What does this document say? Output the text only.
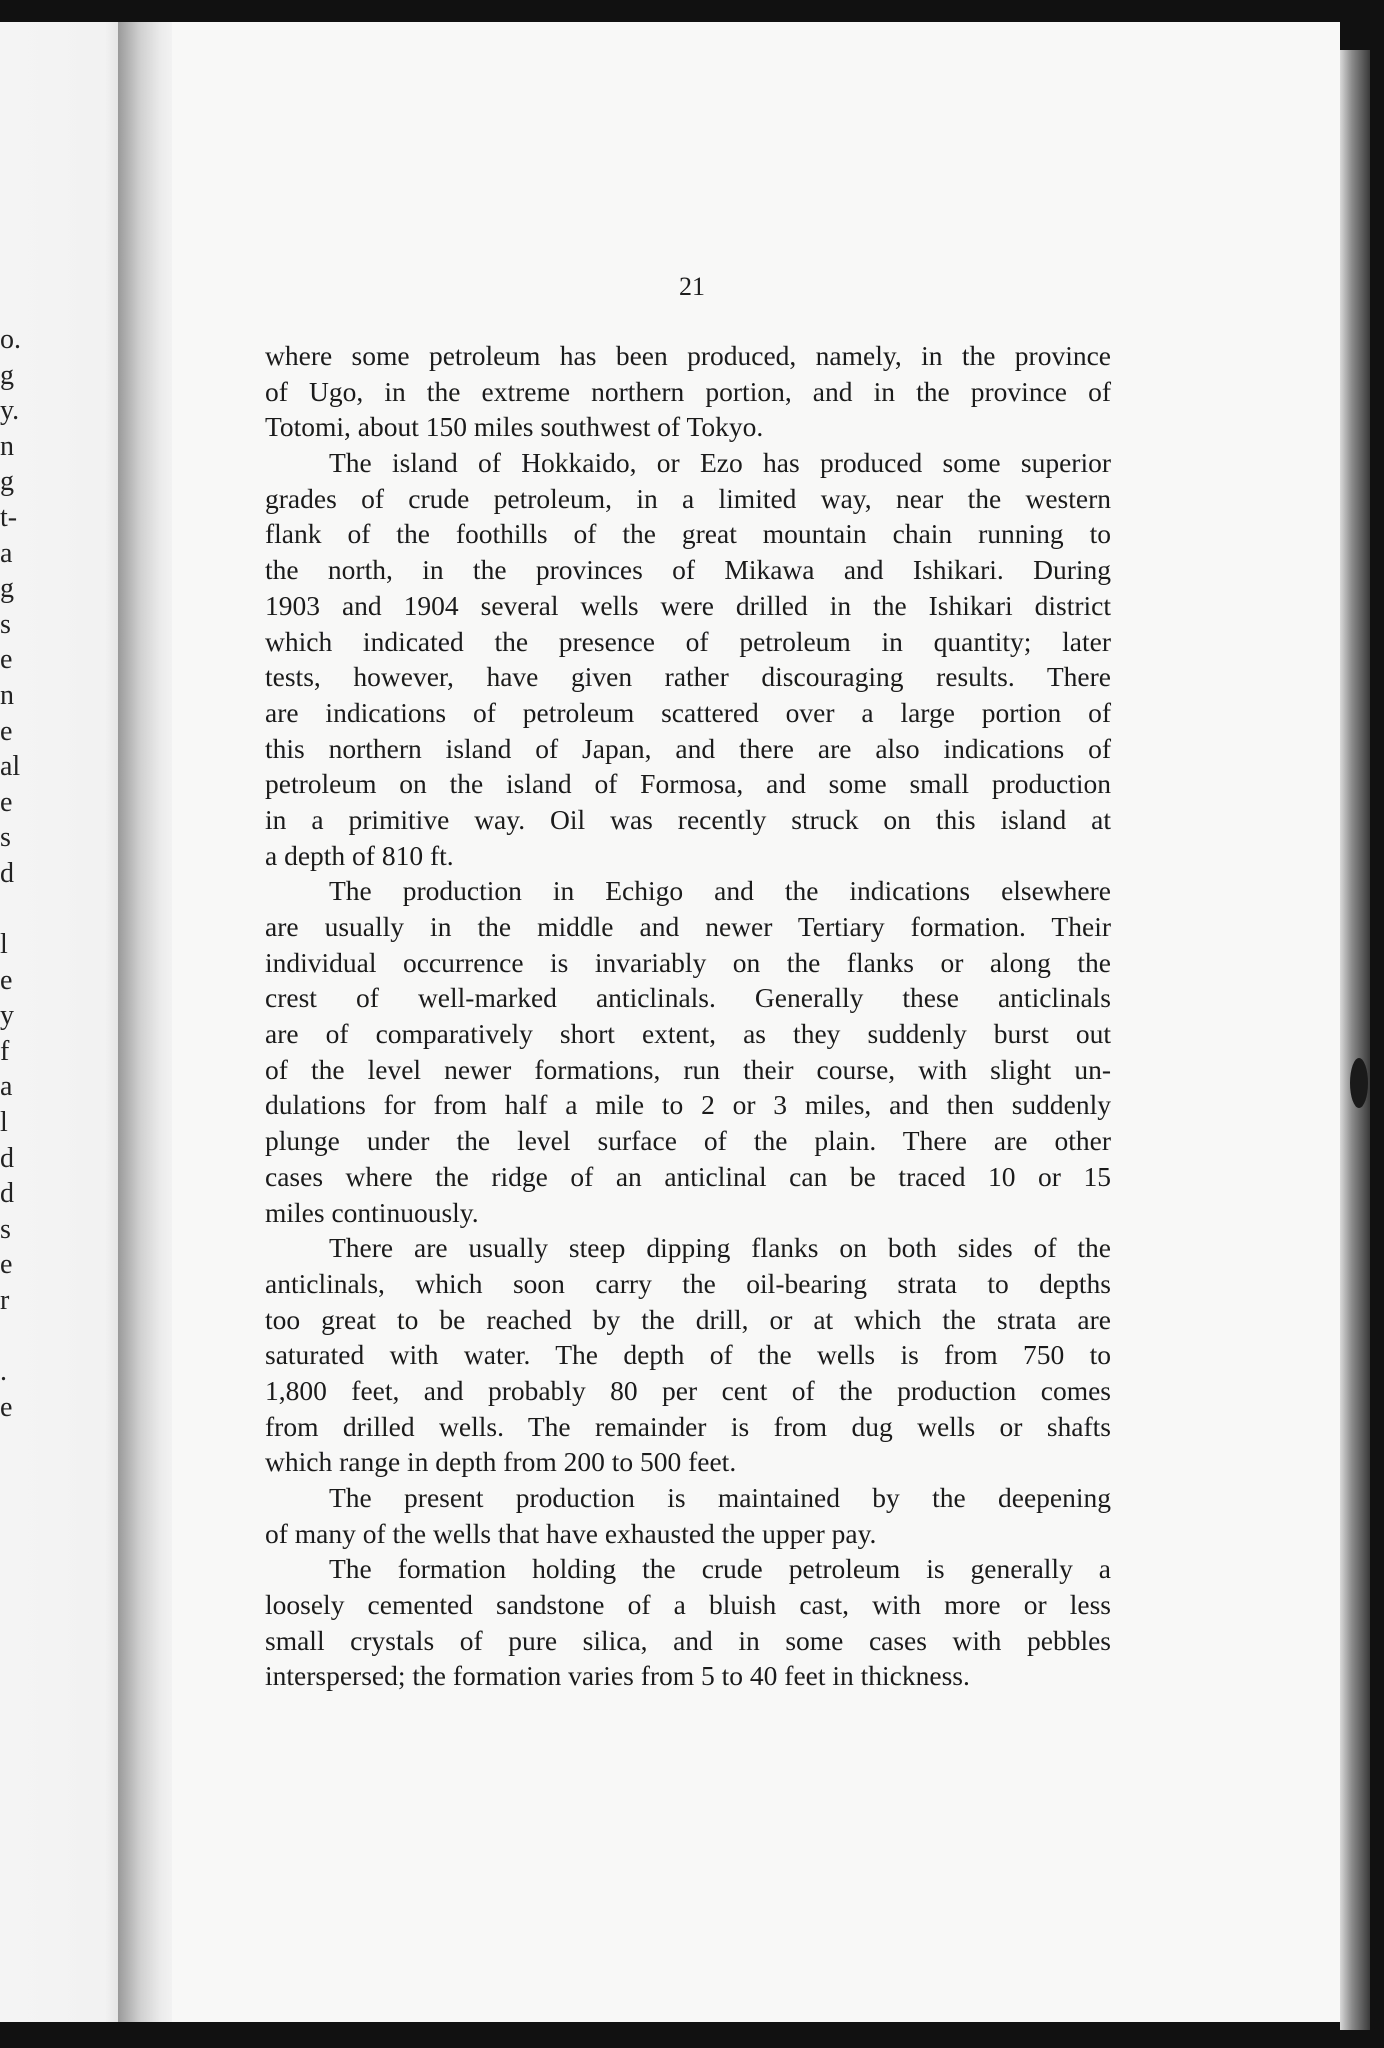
o.
g
y.
n
g
t-
a
g
s
e
n
e
al
e
s
d
l
e
y
f
a
l
d
d
s
e
r
.
e
21
where some petroleum has been produced, namely, in the province
of Ugo, in the extreme northern portion, and in the province of
Totomi, about 150 miles southwest of Tokyo.
The island of Hokkaido, or Ezo has produced some superior
grades of crude petroleum, in a limited way, near the western
flank of the foothills of the great mountain chain running to
the north, in the provinces of Mikawa and Ishikari. During
1903 and 1904 several wells were drilled in the Ishikari district
which indicated the presence of petroleum in quantity; later
tests, however, have given rather discouraging results. There
are indications of petroleum scattered over a large portion of
this northern island of Japan, and there are also indications of
petroleum on the island of Formosa, and some small production
in a primitive way. Oil was recently struck on this island at
a depth of 810 ft.
The production in Echigo and the indications elsewhere
are usually in the middle and newer Tertiary formation. Their
individual occurrence is invariably on the flanks or along the
crest of well-marked anticlinals. Generally these anticlinals
are of comparatively short extent, as they suddenly burst out
of the level newer formations, run their course, with slight un-
dulations for from half a mile to 2 or 3 miles, and then suddenly
plunge under the level surface of the plain. There are other
cases where the ridge of an anticlinal can be traced 10 or 15
miles continuously.
There are usually steep dipping flanks on both sides of the
anticlinals, which soon carry the oil-bearing strata to depths
too great to be reached by the drill, or at which the strata are
saturated with water. The depth of the wells is from 750 to
1,800 feet, and probably 80 per cent of the production comes
from drilled wells. The remainder is from dug wells or shafts
which range in depth from 200 to 500 feet.
The present production is maintained by the deepening
of many of the wells that have exhausted the upper pay.
The formation holding the crude petroleum is generally a
loosely cemented sandstone of a bluish cast, with more or less
small crystals of pure silica, and in some cases with pebbles
interspersed; the formation varies from 5 to 40 feet in thickness.
